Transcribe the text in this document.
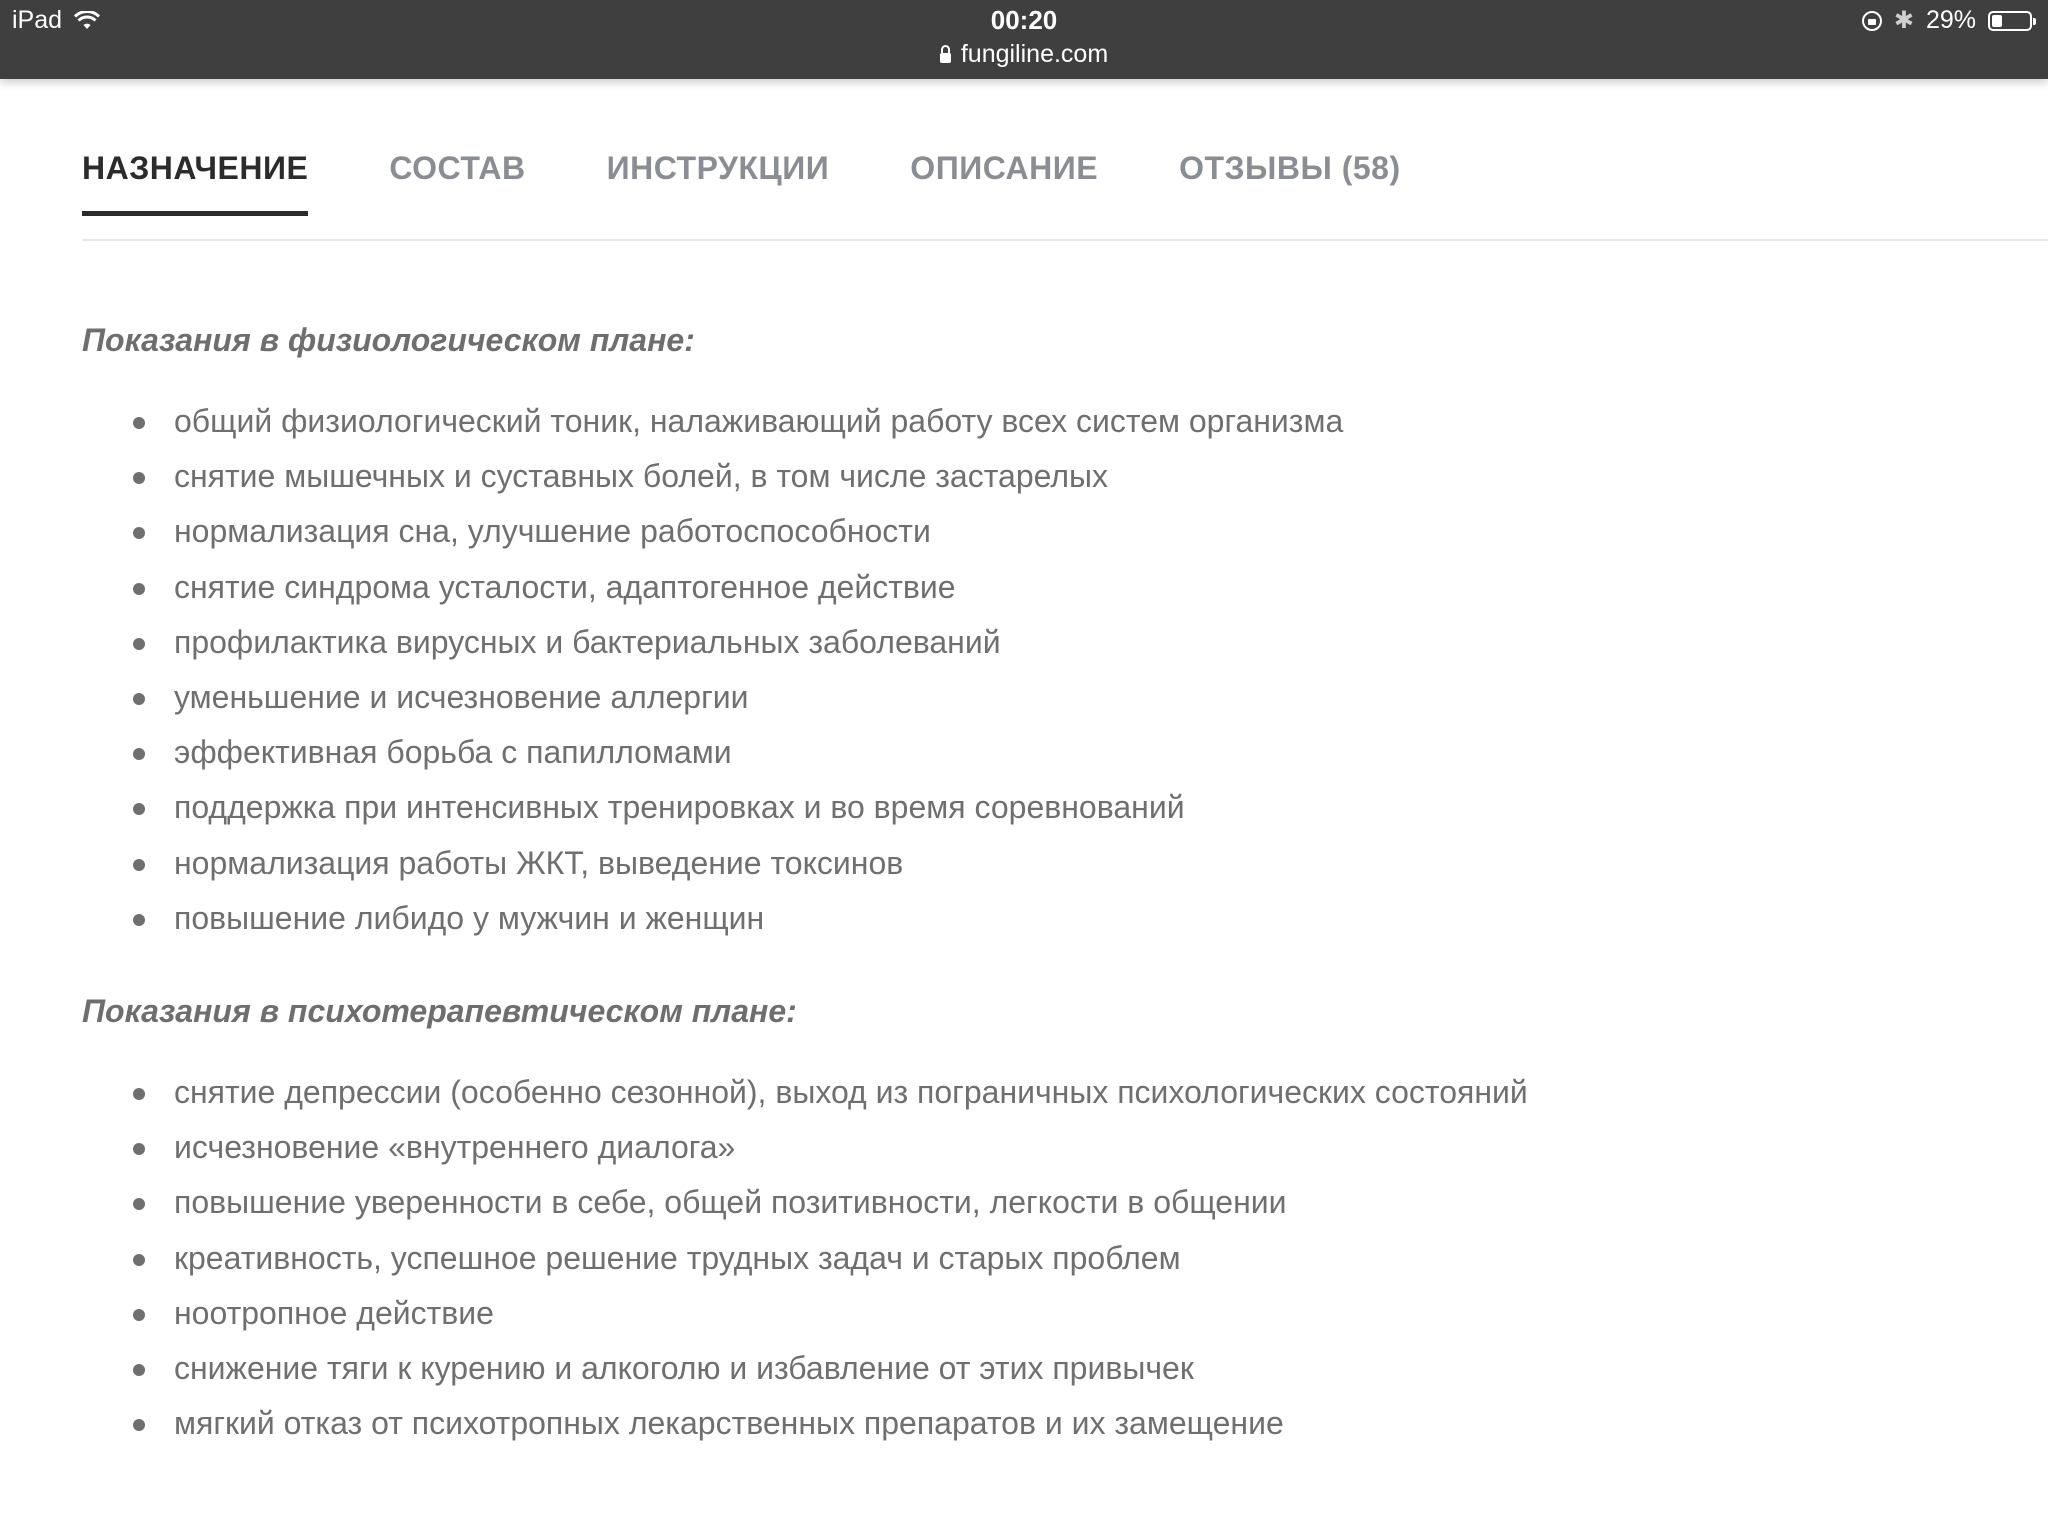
iPad	00:20
fungiline.com
✱ 29%
НАЗНАЧЕНИЕ	СОСТАВ	ИНСТРУКЦИИ	ОПИСАНИЕ	ОТЗЫВЫ (58)
Показания в физиологическом плане:
общий физиологический тоник, налаживающий работу всех систем организма
снятие мышечных и суставных болей, в том числе застарелых
нормализация сна, улучшение работоспособности
снятие синдрома усталости, адаптогенное действие
профилактика вирусных и бактериальных заболеваний
уменьшение и исчезновение аллергии
эффективная борьба с папилломами
поддержка при интенсивных тренировках и во время соревнований
нормализация работы ЖКТ, выведение токсинов
повышение либидо у мужчин и женщин
Показания в психотерапевтическом плане:
снятие депрессии (особенно сезонной), выход из пограничных психологических состояний
исчезновение «внутреннего диалога»
повышение уверенности в себе, общей позитивности, легкости в общении
креативность, успешное решение трудных задач и старых проблем
ноотропное действие
снижение тяги к курению и алкоголю и избавление от этих привычек
мягкий отказ от психотропных лекарственных препаратов и их замещение
